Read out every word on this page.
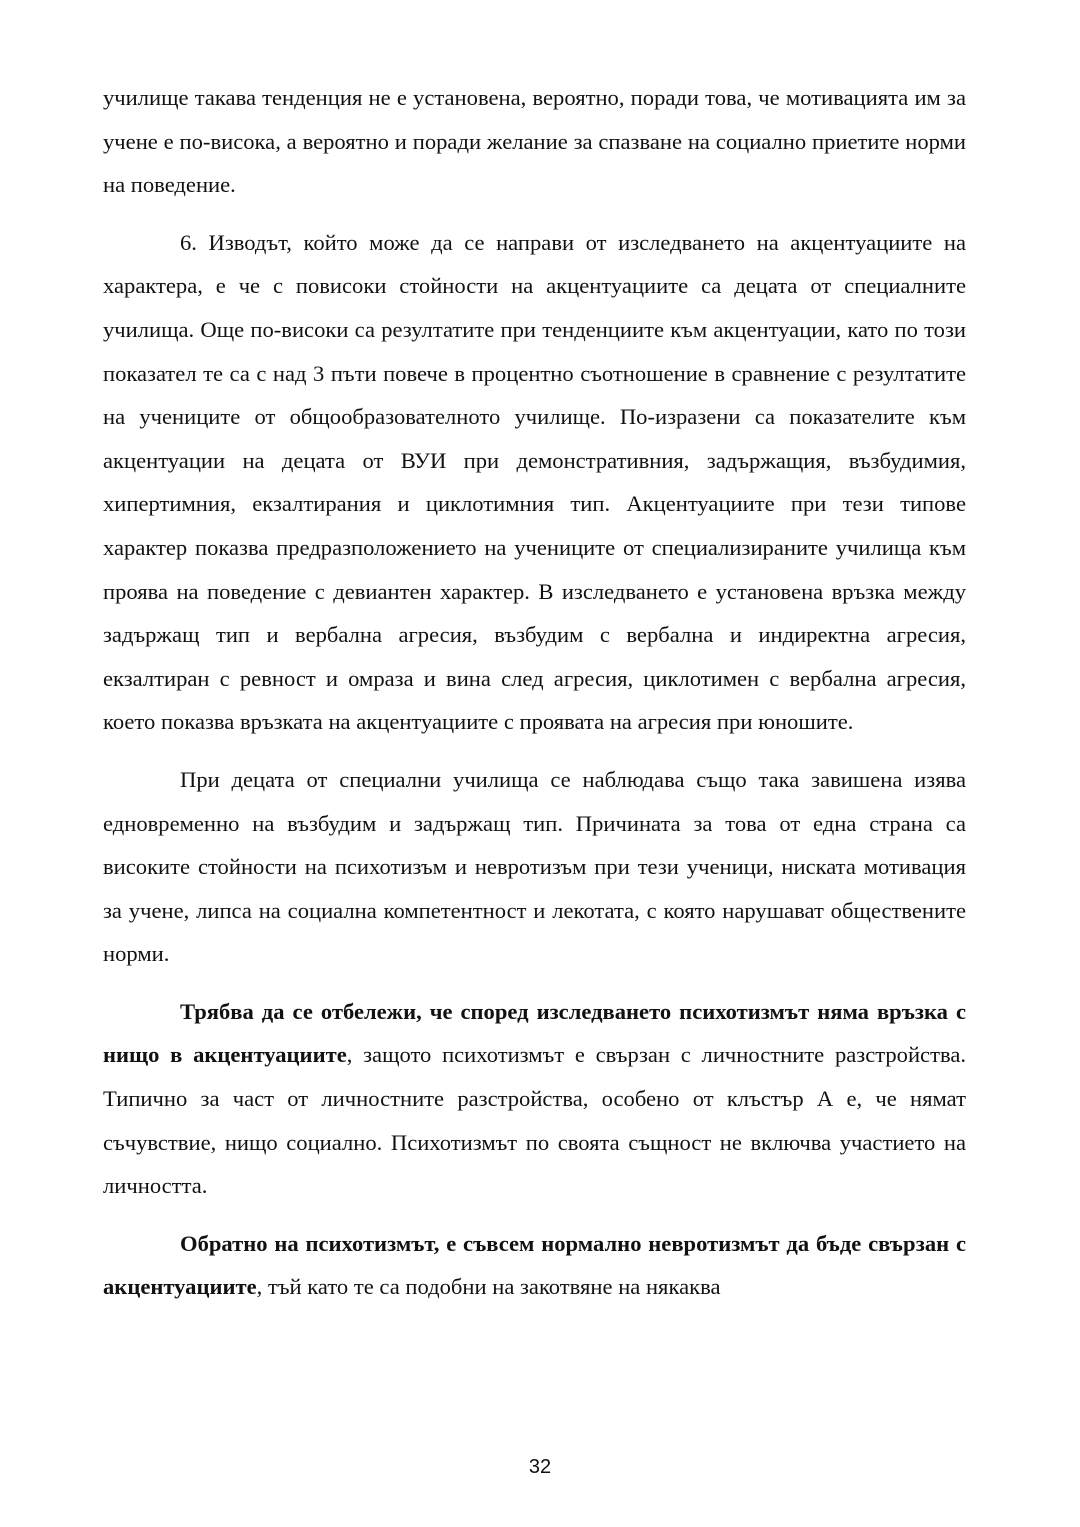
училище такава тенденция не е установена, вероятно, поради това, че мотивацията им за учене е по-висока, а вероятно и поради желание за спазване на социално приетите норми на поведение.

6. Изводът, който може да се направи от изследването на акцентуациите на характера, е че с повисоки стойности на акцентуациите са децата от специалните училища. Още по-високи са резултатите при тенденциите към акцентуации, като по този показател те са с над 3 пъти повече в процентно съотношение в сравнение с резултатите на учениците от общообразователното училище. По-изразени са показателите към акцентуации на децата от ВУИ при демонстративния, задържащия, възбудимия, хипертимния, екзалтирания и циклотимния тип. Акцентуациите при тези типове характер показва предразположението на учениците от специализираните училища към проява на поведение с девиантен характер. В изследването е установена връзка между задържащ тип и вербална агресия, възбудим с вербална и индиректна агресия, екзалтиран с ревност и омраза и вина след агресия, циклотимен с вербална агресия, което показва връзката на акцентуациите с проявата на агресия при юношите.

При децата от специални училища се наблюдава също така завишена изява едновременно на възбудим и задържащ тип. Причината за това от една страна са високите стойности на психотизъм и невротизъм при тези ученици, ниската мотивация за учене, липса на социална компетентност и лекотата, с която нарушават обществените норми.

Трябва да се отбележи, че според изследването психотизмът няма връзка с нищо в акцентуациите, защото психотизмът е свързан с личностните разстройства. Типично за част от личностните разстройства, особено от клъстър А е, че нямат съчувствие, нищо социално. Психотизмът по своята същност не включва участието на личността.

Обратно на психотизмът, е съвсем нормално невротизмът да бъде свързан с акцентуациите, тъй като те са подобни на закотвяне на някаква

32
